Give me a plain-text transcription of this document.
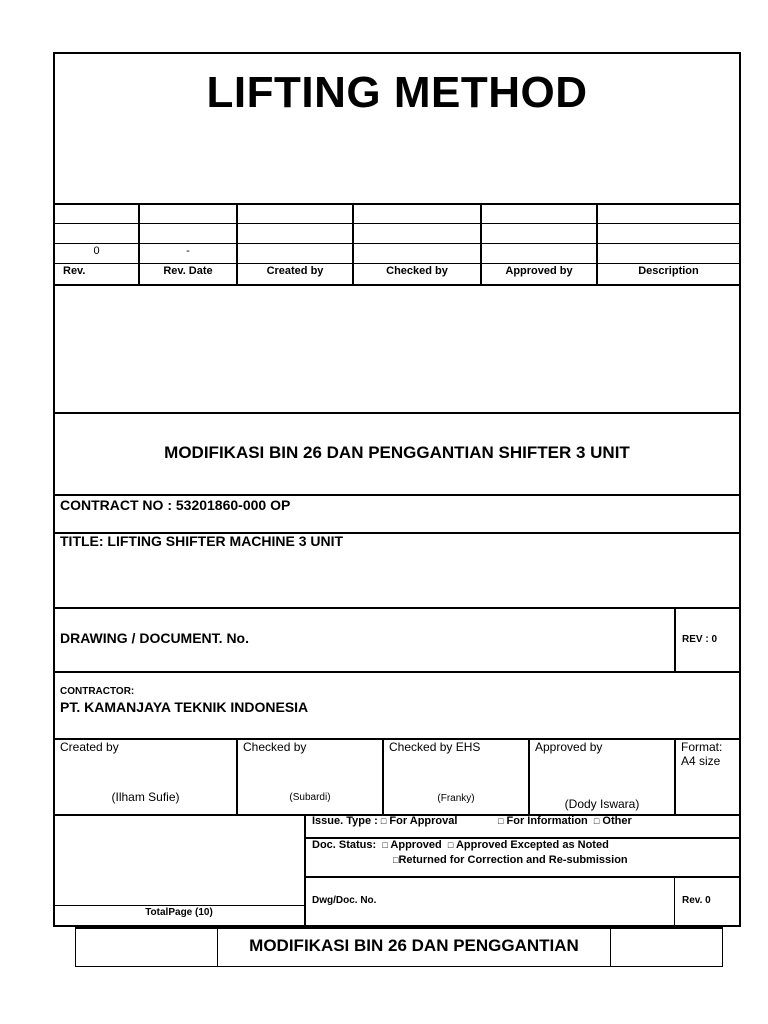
LIFTING METHOD
0	-
Rev.	Rev. Date	Created by	Checked by	Approved by	Description
MODIFIKASI BIN 26 DAN PENGGANTIAN SHIFTER 3 UNIT
CONTRACT NO : 53201860-000 OP
TITLE: LIFTING SHIFTER MACHINE 3 UNIT
DRAWING / DOCUMENT. No.	REV : 0
CONTRACTOR:
PT. KAMANJAYA TEKNIK INDONESIA
Created by	Checked by	Checked by EHS	Approved by	Format:
A4 size
(Ilham Sufie)	(Subardi)	(Franky)	(Dody Iswara)
Issue. Type : □ For Approval	□ For Information □ Other
Doc. Status: □ Approved □ Approved Excepted as Noted
□Returned for Correction and Re-submission
Dwg/Doc. No.	Rev. 0
TotalPage (10)
MODIFIKASI BIN 26 DAN PENGGANTIAN
